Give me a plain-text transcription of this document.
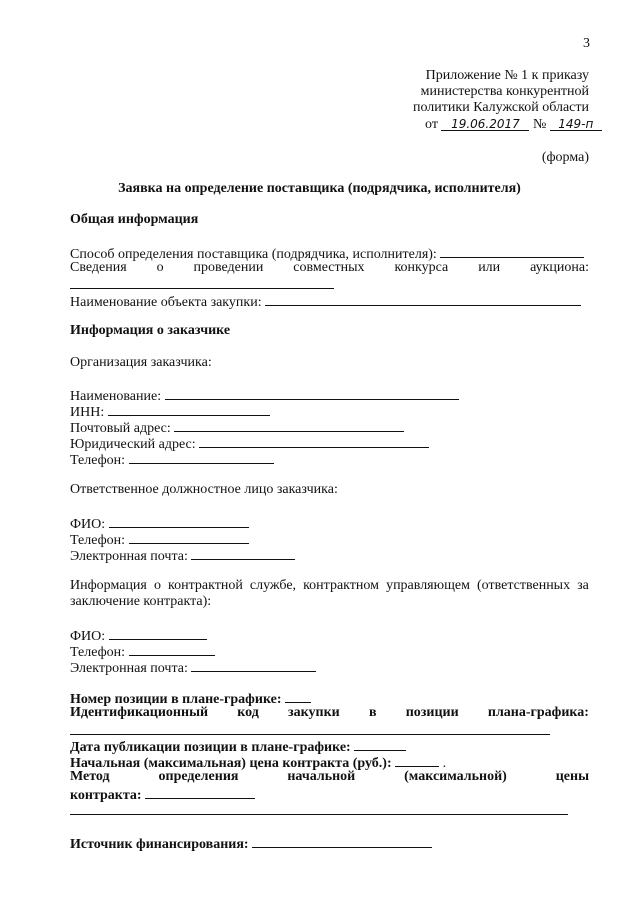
3
Приложение № 1 к приказу
министерства конкурентной
политики Калужской области
от 19.06.2017 № 149-п
(форма)
Заявка на определение поставщика (подрядчика, исполнителя)
Общая информация
Способ определения поставщика (подрядчика, исполнителя):
Сведения о проведении совместных конкурса или аукциона:
Наименование объекта закупки:
Информация о заказчике
Организация заказчика:
Наименование:
ИНН:
Почтовый адрес:
Юридический адрес:
Телефон:
Ответственное должностное лицо заказчика:
ФИО:
Телефон:
Электронная почта:
Информация о контрактной службе, контрактном управляющем (ответственных за
заключение контракта):
ФИО:
Телефон:
Электронная почта:
Номер позиции в плане-графике:
Идентификационный код закупки в позиции плана-графика:
Дата публикации позиции в плане-графике:
Начальная (максимальная) цена контракта (руб.):	.
Метод	определения	начальной	(максимальной)	цены
контракта:
Источник финансирования:
